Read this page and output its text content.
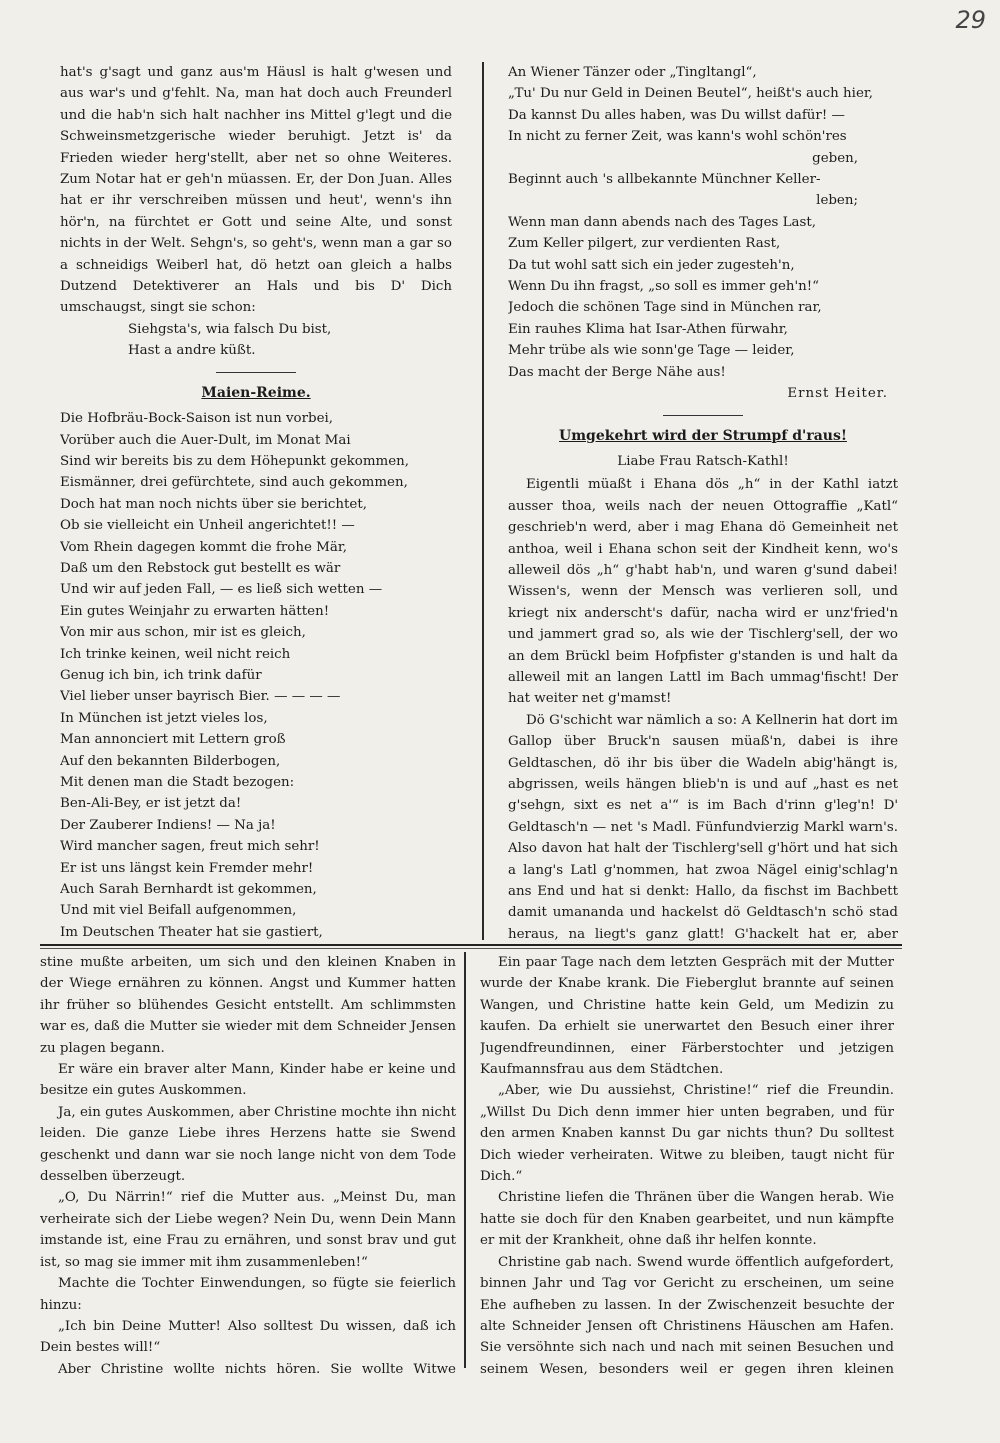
29

hat's g'sagt und ganz aus'm Häusl is halt g'wesen und aus war's und g'fehlt. Na, man hat doch auch Freunderl und die hab'n sich halt nachher ins Mittel g'legt und die Schweinsmetzgerische wieder beruhigt. Jetzt is' da Frieden wieder herg'stellt, aber net so ohne Weiteres. Zum Notar hat er geh'n müassen. Er, der Don Juan. Alles hat er ihr verschreiben müssen und heut', wenn's ihn hör'n, na fürchtet er Gott und seine Alte, und sonst nichts in der Welt. Sehgn's, so geht's, wenn man a gar so a schneidigs Weiberl hat, dö hetzt oan gleich a halbs Dutzend Detektiverer an Hals und bis D' Dich umschaugst, singt sie schon:

Siehgsta's, wia falsch Du bist,
Hast a andre küßt.
Maien-Reime.
Die Hofbräu-Bock-Saison ist nun vorbei,
Vorüber auch die Auer-Dult, im Monat Mai
Sind wir bereits bis zu dem Höhepunkt gekommen,
Eismänner, drei gefürchtete, sind auch gekommen,
Doch hat man noch nichts über sie berichtet,
Ob sie vielleicht ein Unheil angerichtet!! —
Vom Rhein dagegen kommt die frohe Mär,
Daß um den Rebstock gut bestellt es wär
Und wir auf jeden Fall, — es ließ sich wetten —
Ein gutes Weinjahr zu erwarten hätten!
Von mir aus schon, mir ist es gleich,
Ich trinke keinen, weil nicht reich
Genug ich bin, ich trink dafür
Viel lieber unser bayrisch Bier. — — — —
In München ist jetzt vieles los,
Man annonciert mit Lettern groß
Auf den bekannten Bilderbogen,
Mit denen man die Stadt bezogen:
Ben-Ali-Bey, er ist jetzt da!
Der Zauberer Indiens! — Na ja!
Wird mancher sagen, freut mich sehr!
Er ist uns längst kein Fremder mehr!
Auch Sarah Bernhardt ist gekommen,
Und mit viel Beifall aufgenommen,
Im Deutschen Theater hat sie gastiert,
An Wiener Tänzer oder „Tingltangl“,
„Tu' Du nur Geld in Deinen Beutel“, heißt's auch hier,
Da kannst Du alles haben, was Du willst dafür! —
In nicht zu ferner Zeit, was kann's wohl schön'res
geben,
Beginnt auch 's allbekannte Münchner Keller-
leben;
Wenn man dann abends nach des Tages Last,
Zum Keller pilgert, zur verdienten Rast,
Da tut wohl satt sich ein jeder zugesteh'n,
Wenn Du ihn fragst, „so soll es immer geh'n!“
Jedoch die schönen Tage sind in München rar,
Ein rauhes Klima hat Isar-Athen fürwahr,
Mehr trübe als wie sonn'ge Tage — leider,
Das macht der Berge Nähe aus!
Ernst Heiter.
Umgekehrt wird der Strumpf d'raus!
Liabe Frau Ratsch-Kathl!

Eigentli müaßt i Ehana dös „h“ in der Kathl iatzt ausser thoa, weils nach der neuen Ottograffie „Katl“ geschrieb'n werd, aber i mag Ehana dö Gemeinheit net anthoa, weil i Ehana schon seit der Kindheit kenn, wo's alleweil dös „h“ g'habt hab'n, und waren g'sund dabei! Wissen's, wenn der Mensch was verlieren soll, und kriegt nix anderscht's dafür, nacha wird er unz'fried'n und jammert grad so, als wie der Tischlerg'sell, der wo an dem Brückl beim Hofpfister g'standen is und halt da alleweil mit an langen Lattl im Bach ummag'fischt! Der hat weiter net g'mamst!

Dö G'schicht war nämlich a so: A Kellnerin hat dort im Gallop über Bruck'n sausen müaß'n, dabei is ihre Geldtaschen, dö ihr bis über die Wadeln abig'hängt is, abgrissen, weils hängen blieb'n is und auf „hast es net g'sehgn, sixt es net a'“ is im Bach d'rinn g'leg'n! D' Geldtasch'n — net 's Madl. Fünfundvierzig Markl warn's. Also davon hat halt der Tischlerg'sell g'hört und hat sich a lang's Latl g'nommen, hat zwoa Nägel einig'schlag'n ans End und hat si denkt: Hallo, da fischst im Bachbett damit umananda und hackelst dö Geldtasch'n schö stad heraus, na liegt's ganz glatt! G'hackelt hat er, aber

stine mußte arbeiten, um sich und den kleinen Knaben in der Wiege ernähren zu können. Angst und Kummer hatten ihr früher so blühendes Gesicht entstellt. Am schlimmsten war es, daß die Mutter sie wieder mit dem Schneider Jensen zu plagen begann.

Er wäre ein braver alter Mann, Kinder habe er keine und besitze ein gutes Auskommen.

Ja, ein gutes Auskommen, aber Christine mochte ihn nicht leiden. Die ganze Liebe ihres Herzens hatte sie Swend geschenkt und dann war sie noch lange nicht von dem Tode desselben überzeugt.

„O, Du Närrin!“ rief die Mutter aus. „Meinst Du, man verheirate sich der Liebe wegen? Nein Du, wenn Dein Mann imstande ist, eine Frau zu ernähren, und sonst brav und gut ist, so mag sie immer mit ihm zusammenleben!“

Machte die Tochter Einwendungen, so fügte sie feierlich hinzu:

„Ich bin Deine Mutter! Also solltest Du wissen, daß ich Dein bestes will!“

Aber Christine wollte nichts hören. Sie wollte Witwe

Ein paar Tage nach dem letzten Gespräch mit der Mutter wurde der Knabe krank. Die Fieberglut brannte auf seinen Wangen, und Christine hatte kein Geld, um Medizin zu kaufen. Da erhielt sie unerwartet den Besuch einer ihrer Jugendfreundinnen, einer Färberstochter und jetzigen Kaufmannsfrau aus dem Städtchen.

„Aber, wie Du aussiehst, Christine!“ rief die Freundin. „Willst Du Dich denn immer hier unten begraben, und für den armen Knaben kannst Du gar nichts thun? Du solltest Dich wieder verheiraten. Witwe zu bleiben, taugt nicht für Dich.“

Christine liefen die Thränen über die Wangen herab. Wie hatte sie doch für den Knaben gearbeitet, und nun kämpfte er mit der Krankheit, ohne daß ihr helfen konnte.

Christine gab nach. Swend wurde öffentlich aufgefordert, binnen Jahr und Tag vor Gericht zu erscheinen, um seine Ehe aufheben zu lassen. In der Zwischenzeit besuchte der alte Schneider Jensen oft Christinens Häuschen am Hafen. Sie versöhnte sich nach und nach mit seinen Besuchen und seinem Wesen, besonders weil er gegen ihren kleinen
